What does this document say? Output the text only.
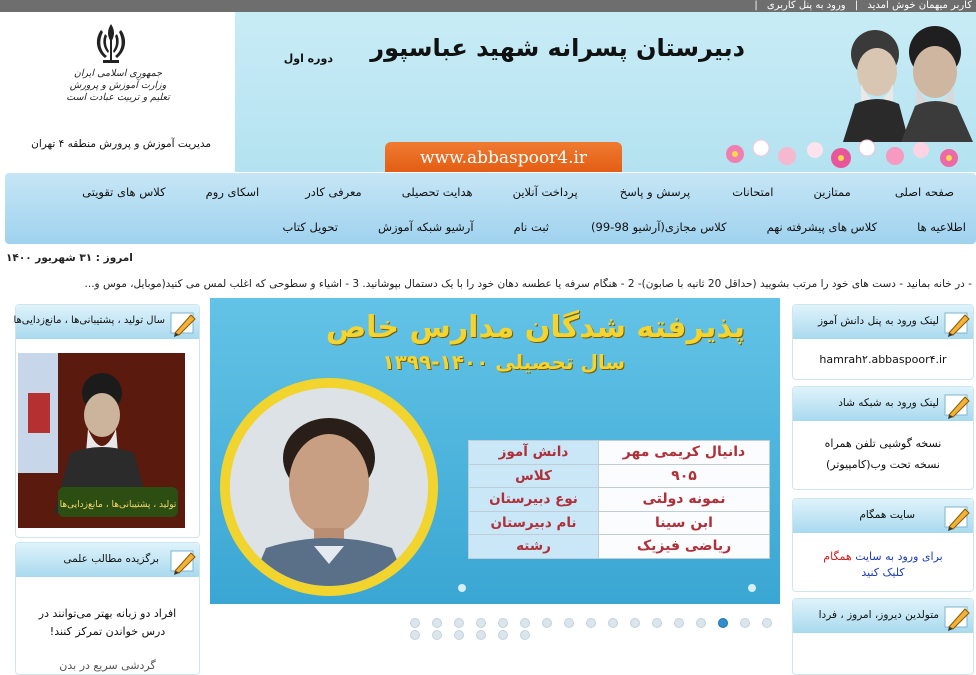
کاربر میهمان خوش آمدید | ورود به پنل کاربری |
جمهوری اسلامی ایران
وزارت آموزش و پرورش
تعلیم و تربیت عبادت است
مدیریت آموزش و پرورش منطقه ۴ تهران
دبیرستان پسرانه شهید عباسپور
دوره اول
www.abbaspoor4.ir
صفحه اصلی
ممتازین
امتحانات
پرسش و پاسخ
پرداخت آنلاین
هدایت تحصیلی
معرفی کادر
اسکای روم
کلاس های تقویتی
اطلاعیه ها
کلاس های پیشرفته نهم
کلاس مجازی(آرشیو 98-99)
ثبت نام
آرشیو شبکه آموزش
تحویل کتاب
امروز : ۳۱ شهریور ۱۴۰۰
- در خانه بمانید - دست های خود را مرتب بشویید (حداقل 20 ثانیه با صابون)- 2 - هنگام سرفه یا عطسه دهان خود را با یک دستمال بپوشانید. 3 - اشیاء و سطوحی که اغلب لمس می کنید(موبایل، موس و...
لینک ورود به پنل دانش آموز
hamrah۲.abbaspoor۴.ir
لینک ورود به شبکه شاد
نسخه گوشیی تلفن همراه
نسخه تحت وب(کامپیوتر)
سایت همگام
برای ورود به سایت همگام کلیک کنید
متولدین دیروز، امروز ، فردا
سال تولید ، پشتیبانی‌ها ، مانع‌زدایی‌ها
تولید ، پشتیبانی‌ها ، مانع‌زدایی‌ها
برگزیده مطالب علمی
افراد دو زبانه بهتر می‌توانند در
درس خواندن تمرکز کنند!
گردشی سریع در بدن
پذیرفته شدگان مدارس خاص
سال تحصیلی ۱۴۰۰-۱۳۹۹
دانیال کریمی مهر	دانش آموز
۹۰۵	کلاس
نمونه دولتی	نوع دبیرستان
ابن سینا	نام دبیرستان
ریاضی فیزیک	رشته
